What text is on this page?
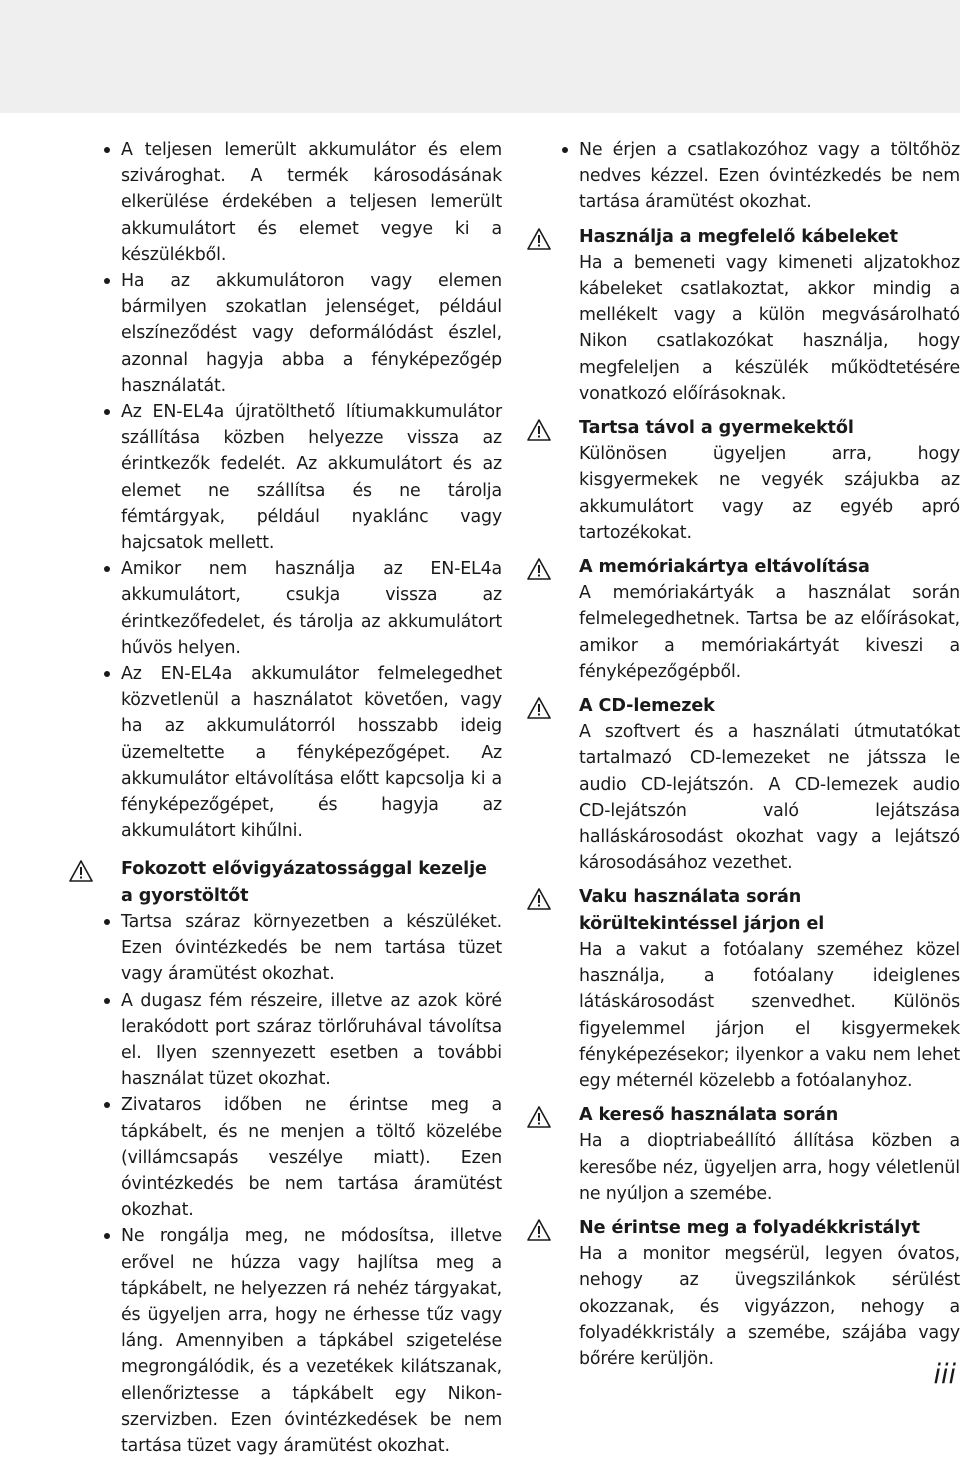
A teljesen lemerült akkumulátor és elem szivároghat. A termék károsodásának elkerülése érdekében a teljesen lemerült akkumulátort és elemet vegye ki a készülékből.
Ha az akkumulátoron vagy elemen bármilyen szokatlan jelenséget, például elszíneződést vagy deformálódást észlel, azonnal hagyja abba a fényképezőgép használatát.
Az EN-EL4a újratölthető lítiumakkumulátor szállítása közben helyezze vissza az érintkezők fedelét. Az akkumulátort és az elemet ne szállítsa és ne tárolja fémtárgyak, például nyaklánc vagy hajcsatok mellett.
Amikor nem használja az EN-EL4a akkumulátort, csukja vissza az érintkezőfedelet, és tárolja az akkumulátort hűvös helyen.
Az EN-EL4a akkumulátor felmelegedhet közvetlenül a használatot követően, vagy ha az akkumulátorról hosszabb ideig üzemeltette a fényképezőgépet. Az akkumulátor eltávolítása előtt kapcsolja ki a fényképezőgépet, és hagyja az akkumulátort kihűlni.
Fokozott elővigyázatossággal kezelje a gyorstöltőt
Tartsa száraz környezetben a készüléket. Ezen óvintézkedés be nem tartása tüzet vagy áramütést okozhat.
A dugasz fém részeire, illetve az azok köré lerakódott port száraz törlőruhával távolítsa el. Ilyen szennyezett esetben a további használat tüzet okozhat.
Zivataros időben ne érintse meg a tápkábelt, és ne menjen a töltő közelébe (villámcsapás veszélye miatt). Ezen óvintézkedés be nem tartása áramütést okozhat.
Ne rongálja meg, ne módosítsa, illetve erővel ne húzza vagy hajlítsa meg a tápkábelt, ne helyezzen rá nehéz tárgyakat, és ügyeljen arra, hogy ne érhesse tűz vagy láng. Amennyiben a tápkábel szigetelése megrongálódik, és a vezetékek kilátszanak, ellenőriztesse a tápkábelt egy Nikon-szervizben. Ezen óvintézkedések be nem tartása tüzet vagy áramütést okozhat.
Ne érjen a csatlakozóhoz vagy a töltőhöz nedves kézzel. Ezen óvintézkedés be nem tartása áramütést okozhat.
Használja a megfelelő kábeleket

Ha a bemeneti vagy kimeneti aljzatokhoz kábeleket csatlakoztat, akkor mindig a mellékelt vagy a külön megvásárolható Nikon csatlakozókat használja, hogy megfeleljen a készülék működtetésére vonatkozó előírásoknak.

Tartsa távol a gyermekektől

Különösen ügyeljen arra, hogy kisgyermekek ne vegyék szájukba az akkumulátort vagy az egyéb apró tartozékokat.

A memóriakártya eltávolítása

A memóriakártyák a használat során felmelegedhetnek. Tartsa be az előírásokat, amikor a memóriakártyát kiveszi a fényképezőgépből.

A CD-lemezek

A szoftvert és a használati útmutatókat tartalmazó CD-lemezeket ne játssza le audio CD-lejátszón. A CD-lemezek audio CD-lejátszón való lejátszása halláskárosodást okozhat vagy a lejátszó károsodásához vezethet.

Vaku használata során körültekintéssel járjon el

Ha a vakut a fotóalany szeméhez közel használja, a fotóalany ideiglenes látáskárosodást szenvedhet. Különös figyelemmel járjon el kisgyermekek fényképezésekor; ilyenkor a vaku nem lehet egy méternél közelebb a fotóalanyhoz.

A kereső használata során

Ha a dioptriabeállító állítása közben a keresőbe néz, ügyeljen arra, hogy véletlenül ne nyúljon a szemébe.

Ne érintse meg a folyadékkristályt

Ha a monitor megsérül, legyen óvatos, nehogy az üvegszilánkok sérülést okozzanak, és vigyázzon, nehogy a folyadékkristály a szemébe, szájába vagy bőrére kerüljön.

iii
